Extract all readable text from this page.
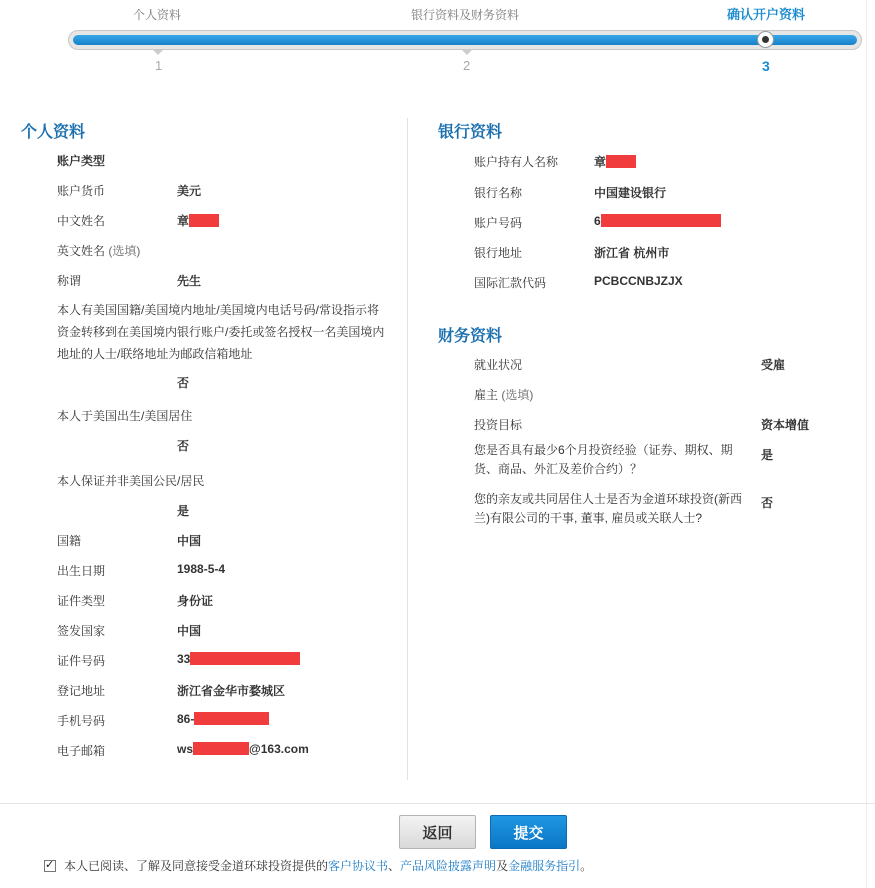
个人资料	银行资料及财务资料	确认开户资料
1	2	3
个人资料
账户类型
账户货币	美元
中文姓名	章
英文姓名 (选填)
称谓	先生
本人有美国国籍/美国境内地址/美国境内电话号码/常设指示将资金转移到在美国境内银行账户/委托或签名授权一名美国境内地址的人士/联络地址为邮政信箱地址
否
本人于美国出生/美国居住
否
本人保证并非美国公民/居民
是
国籍	中国
出生日期	1988-5-4
证件类型	身份证
签发国家	中国
证件号码	33
登记地址	浙江省金华市婺城区
手机号码	86-
电子邮箱	ws	@163.com
银行资料
账户持有人名称	章
银行名称	中国建设银行
账户号码	6
银行地址	浙江省 杭州市
国际汇款代码	PCBCCNBJZJX
财务资料
就业状况	受雇
雇主 (选填)
投资目标	资本增值
您是否具有最少6个月投资经验（证券、期权、期货、商品、外汇及差价合约）？
是
您的亲友或共同居住人士是否为金道环球投资(新西兰)有限公司的干事, 董事, 雇员或关联人士?
否
返回	提交
✓
本人已阅读、了解及同意接受金道环球投资提供的 客户协议书 、 产品风险披露声明 及 金融服务指引 。
